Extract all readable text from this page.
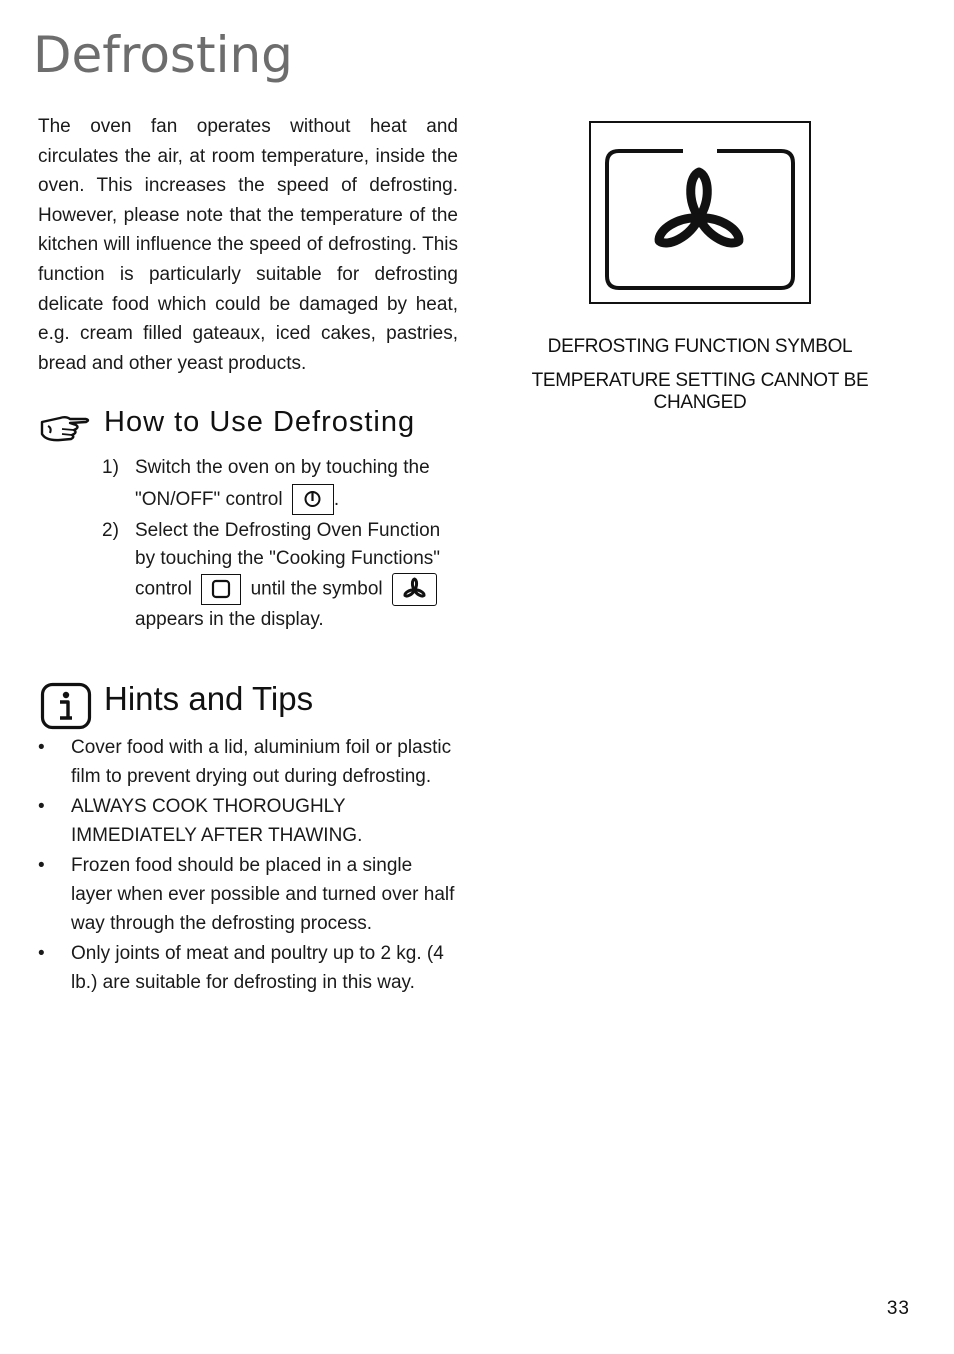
Defrosting

The oven fan operates without heat and circulates the air, at room temperature, inside the oven. This increases the speed of defrosting. However, please note that the temperature of the kitchen will influence the speed of defrosting. This function is particularly suitable for defrosting delicate food which could be damaged by heat, e.g. cream filled gateaux, iced cakes, pastries, bread and other yeast products.

DEFROSTING FUNCTION SYMBOL

TEMPERATURE SETTING CANNOT BE CHANGED

How to Use Defrosting
1) Switch the oven on by touching the "ON/OFF" control	.
2) Select the Defrosting Oven Function by touching the "Cooking Functions" control	until the symbol

appears in the display.
Hints and Tips
• Cover food with a lid, aluminium foil or plastic film to prevent drying out during defrosting.
• ALWAYS COOK THOROUGHLY IMMEDIATELY AFTER THAWING.
• Frozen food should be placed in a single layer when ever possible and turned over half way through the defrosting process.
• Only joints of meat and poultry up to 2 kg. (4 lb.) are suitable for defrosting in this way.
33
